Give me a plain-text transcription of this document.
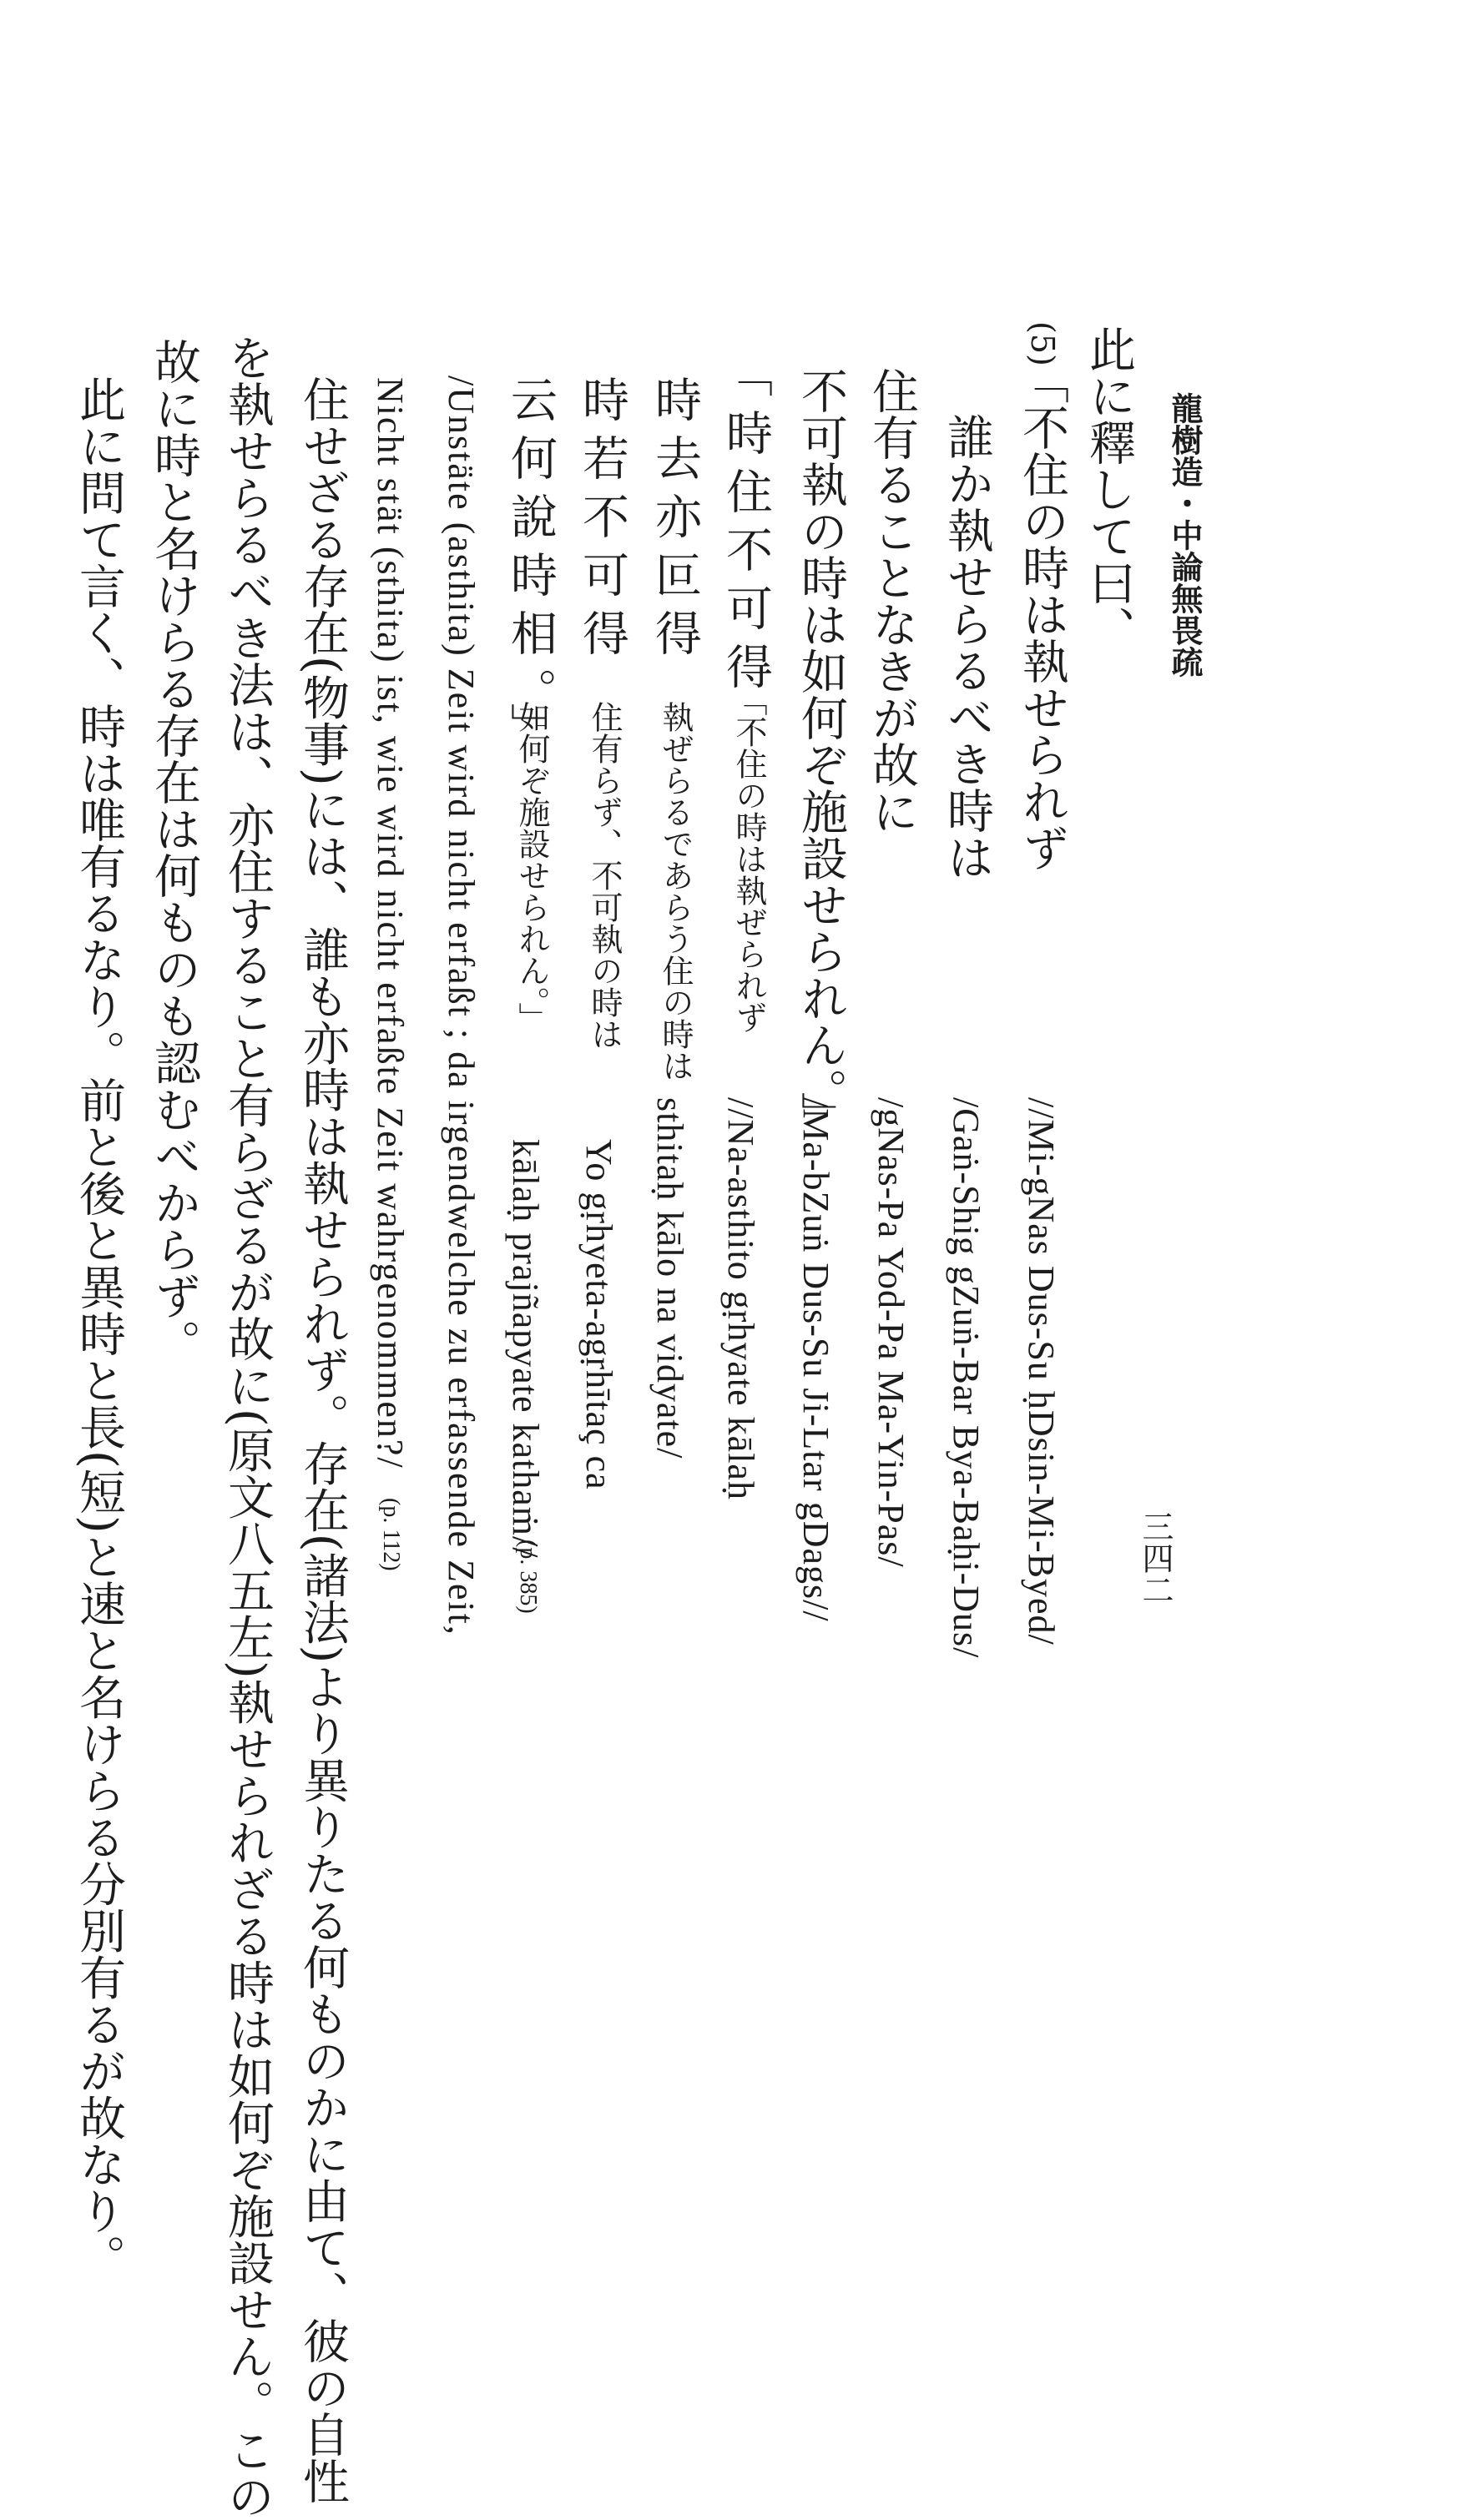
龍樹造・中論無畏疏
三四二
此に釋して曰、
(5)
「不住の時は執せられず
誰か執せらるべき時は
住有ることなきが故に
不可執の時は如何ぞ施設せられん。」
//Mi-gNas Dus-Su ḥDsin-Mi-Byed/
/Gaṅ-Shig gZuṅ-Bar Bya-Baḥi-Dus/
/gNas-Pa Yod-Pa Ma-Yin-Pas/
/Ma-bZuṅ Dus-Su Ji-Ltar gDags//
「時住不可得
時去亦叵得
時若不可得
云何說時相。」
「不住の時は執ぜられず
執ぜらるであらう住の時は
住有らず、不可執の時は
如何ぞ施設せられん。」
//Na-asthito gṛhyate kālaḥ
sthitaḥ kālo na vidyate/
Yo gṛhyeta-agṛhītaç ca
kālaḥ prajñapyate kathaṁ//
(p. 385)
/Unstäte (asthita) Zeit wird nicht erfaßt ; da irgendwelche zu erfassende Zeit,
Nicht stät (sthita) ist, wie wird nicht erfaßte Zeit wahrgenommen?/
(p. 112)
住せざる存在(物事)には、誰も亦時は執せられず。存在(諸法)より異りたる何ものかに由て、彼の自性
を執せらるべき法は、亦住すること有らざるが故に(原文八五左)執せられざる時は如何ぞ施設せん。この
故に時と名けらる存在は何ものも認むべからず。
此に問て言く、時は唯有るなり。前と後と異時と長(短)と速と名けらる分別有るが故なり。
